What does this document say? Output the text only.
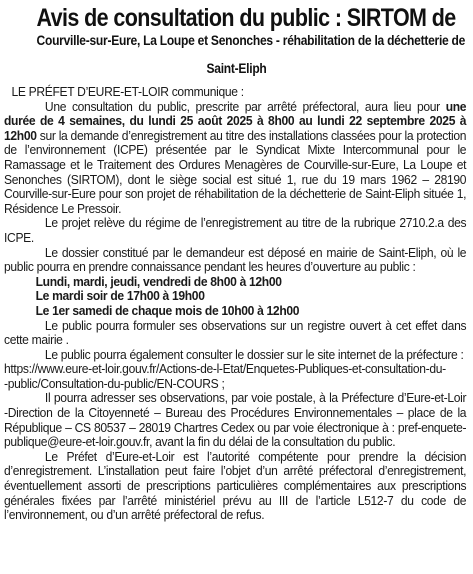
Avis de consultation du public : SIRTOM de
Courville-sur-Eure, La Loupe et Senonches - réhabilitation de la déchetterie de
Saint-Eliph

LE PRÉFET D’EURE-ET-LOIR communique :

Une consultation du public, prescrite par arrêté préfectoral, aura lieu pour une durée de 4 semaines, du lundi 25 août 2025 à 8h00 au lundi 22 septembre 2025 à 12h00 sur la demande d’enregistrement au titre des installations classées pour la protection de l’environnement (ICPE) présentée par le Syndicat Mixte Intercommunal pour le Ramassage et le Traitement des Ordures Menagères de Courville-sur-Eure, La Loupe et Senonches (SIRTOM), dont le siège social est situé 1, rue du 19 mars 1962 – 28190 Courville-sur-Eure pour son projet de réhabilitation de la déchetterie de Saint-Eliph située 1, Résidence Le Pressoir.

Le projet relève du régime de l’enregistrement au titre de la rubrique 2710.2.a des ICPE.

Le dossier constitué par le demandeur est déposé en mairie de Saint-Eliph, où le public pourra en prendre connaissance pendant les heures d’ouverture au public :

Lundi, mardi, jeudi, vendredi de 8h00 à 12h00

Le mardi soir de 17h00 à 19h00

Le 1er samedi de chaque mois de 10h00 à 12h00

Le public pourra formuler ses observations sur un registre ouvert à cet effet dans cette mairie .

Le public pourra également consulter le dossier sur le site internet de la préfecture :

https://www.eure-et-loir.gouv.fr/Actions-de-l-Etat/Enquetes-Publiques-et-consultation-du-

-public/Consultation-du-public/EN-COURS ;

Il pourra adresser ses observations, par voie postale, à la Préfecture d’Eure-et-Loir -Direction de la Citoyenneté – Bureau des Procédures Environnementales – place de la République – CS 80537 – 28019 Chartres Cedex ou par voie électronique à : pref-enquete-publique@eure-et-loir.gouv.fr, avant la fin du délai de la consultation du public.

Le Préfet d’Eure-et-Loir est l’autorité compétente pour prendre la décision d’enregistrement. L’installation peut faire l’objet d’un arrêté préfectoral d’enregistrement, éventuellement assorti de prescriptions particulières complémentaires aux prescriptions générales fixées par l’arrêté ministériel prévu au III de l’article L512-7 du code de l’environnement, ou d’un arrêté préfectoral de refus.
